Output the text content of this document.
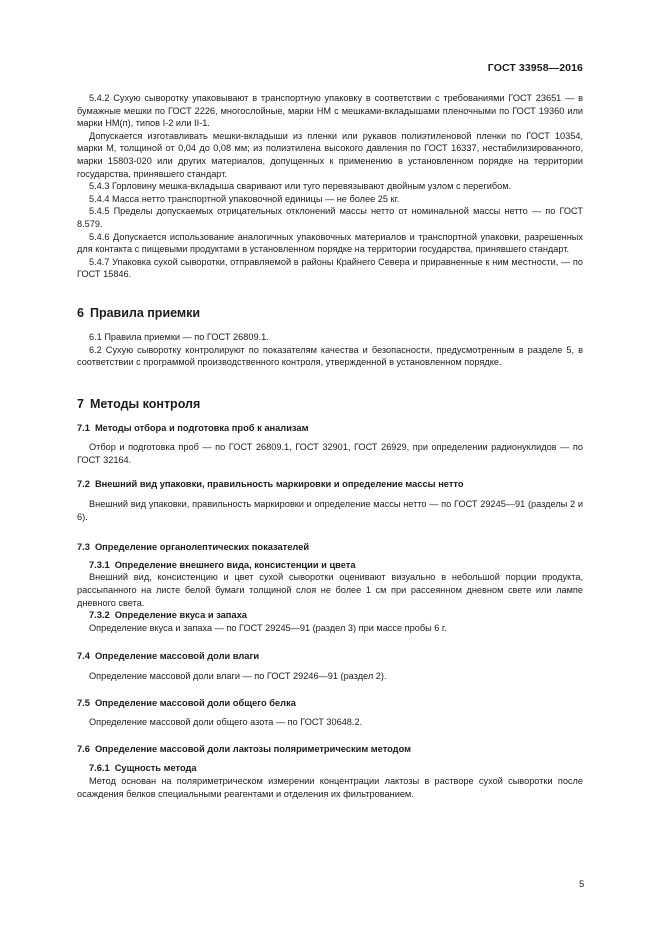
ГОСТ 33958—2016

5.4.2 Сухую сыворотку упаковывают в транспортную упаковку в соответствии с требованиями ГОСТ 23651 — в бумажные мешки по ГОСТ 2226, многослойные, марки НМ с мешками-вкладышами пленочными по ГОСТ 19360 или марки НМ(п), типов I-2 или II-1.

Допускается изготавливать мешки-вкладыши из пленки или рукавов полиэтиленовой пленки по ГОСТ 10354, марки М, толщиной от 0,04 до 0,08 мм; из полиэтилена высокого давления по ГОСТ 16337, нестабилизированного, марки 15803-020 или других материалов, допущенных к применению в установленном порядке на территории государства, принявшего стандарт.

5.4.3 Горловину мешка-вкладыша сваривают или туго перевязывают двойным узлом с перегибом.

5.4.4 Масса нетто транспортной упаковочной единицы — не более 25 кг.

5.4.5 Пределы допускаемых отрицательных отклонений массы нетто от номинальной массы нетто — по ГОСТ 8.579.

5.4.6 Допускается использование аналогичных упаковочных материалов и транспортной упаковки, разрешенных для контакта с пищевыми продуктами в установленном порядке на территории государства, принявшего стандарт.

5.4.7 Упаковка сухой сыворотки, отправляемой в районы Крайнего Севера и приравненные к ним местности, — по ГОСТ 15846.

6 Правила приемки

6.1 Правила приемки — по ГОСТ 26809.1.

6.2 Сухую сыворотку контролируют по показателям качества и безопасности, предусмотренным в разделе 5, в соответствии с программой производственного контроля, утвержденной в установленном порядке.

7 Методы контроля

7.1 Методы отбора и подготовка проб к анализам

Отбор и подготовка проб — по ГОСТ 26809.1, ГОСТ 32901, ГОСТ 26929, при определении радионуклидов — по ГОСТ 32164.

7.2 Внешний вид упаковки, правильность маркировки и определение массы нетто

Внешний вид упаковки, правильность маркировки и определение массы нетто — по ГОСТ 29245—91 (разделы 2 и 6).

7.3 Определение органолептических показателей

7.3.1 Определение внешнего вида, консистенции и цвета

Внешний вид, консистенцию и цвет сухой сыворотки оценивают визуально в небольшой порции продукта, рассыпанного на листе белой бумаги толщиной слоя не более 1 см при рассеянном дневном свете или лампе дневного света.

7.3.2 Определение вкуса и запаха

Определение вкуса и запаха — по ГОСТ 29245—91 (раздел 3) при массе пробы 6 г.

7.4 Определение массовой доли влаги

Определение массовой доли влаги — по ГОСТ 29246—91 (раздел 2).

7.5 Определение массовой доли общего белка

Определение массовой доли общего азота — по ГОСТ 30648.2.

7.6 Определение массовой доли лактозы поляриметрическим методом

7.6.1 Сущность метода

Метод основан на поляриметрическом измерении концентрации лактозы в растворе сухой сыворотки после осаждения белков специальными реагентами и отделения их фильтрованием.

5
